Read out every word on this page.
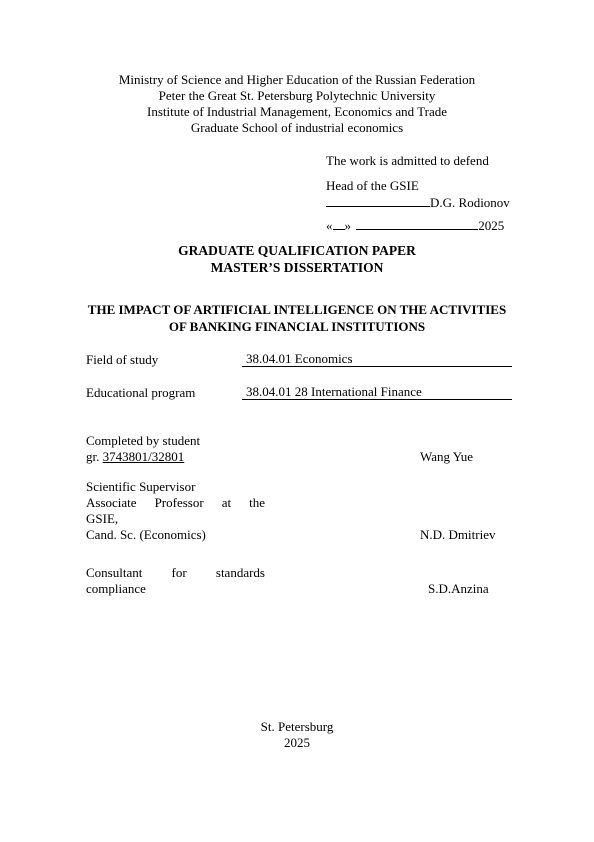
Ministry of Science and Higher Education of the Russian Federation
Peter the Great St. Petersburg Polytechnic University
Institute of Industrial Management, Economics and Trade
Graduate School of industrial economics
The work is admitted to defend
Head of the GSIE
D.G. Rodionov
« »	2025
GRADUATE QUALIFICATION PAPER
MASTER’S DISSERTATION
THE IMPACT OF ARTIFICIAL INTELLIGENCE ON THE ACTIVITIES
OF BANKING FINANCIAL INSTITUTIONS
Field of study	38.04.01 Economics
Educational program	38.04.01 28 International Finance
Completed by student
gr. 3743801/32801	Wang Yue
Scientific Supervisor
Associate Professor at the
GSIE,
Cand. Sc. (Economics)	N.D. Dmitriev
Consultant for standards
compliance	S.D.Anzina
St. Petersburg
2025
